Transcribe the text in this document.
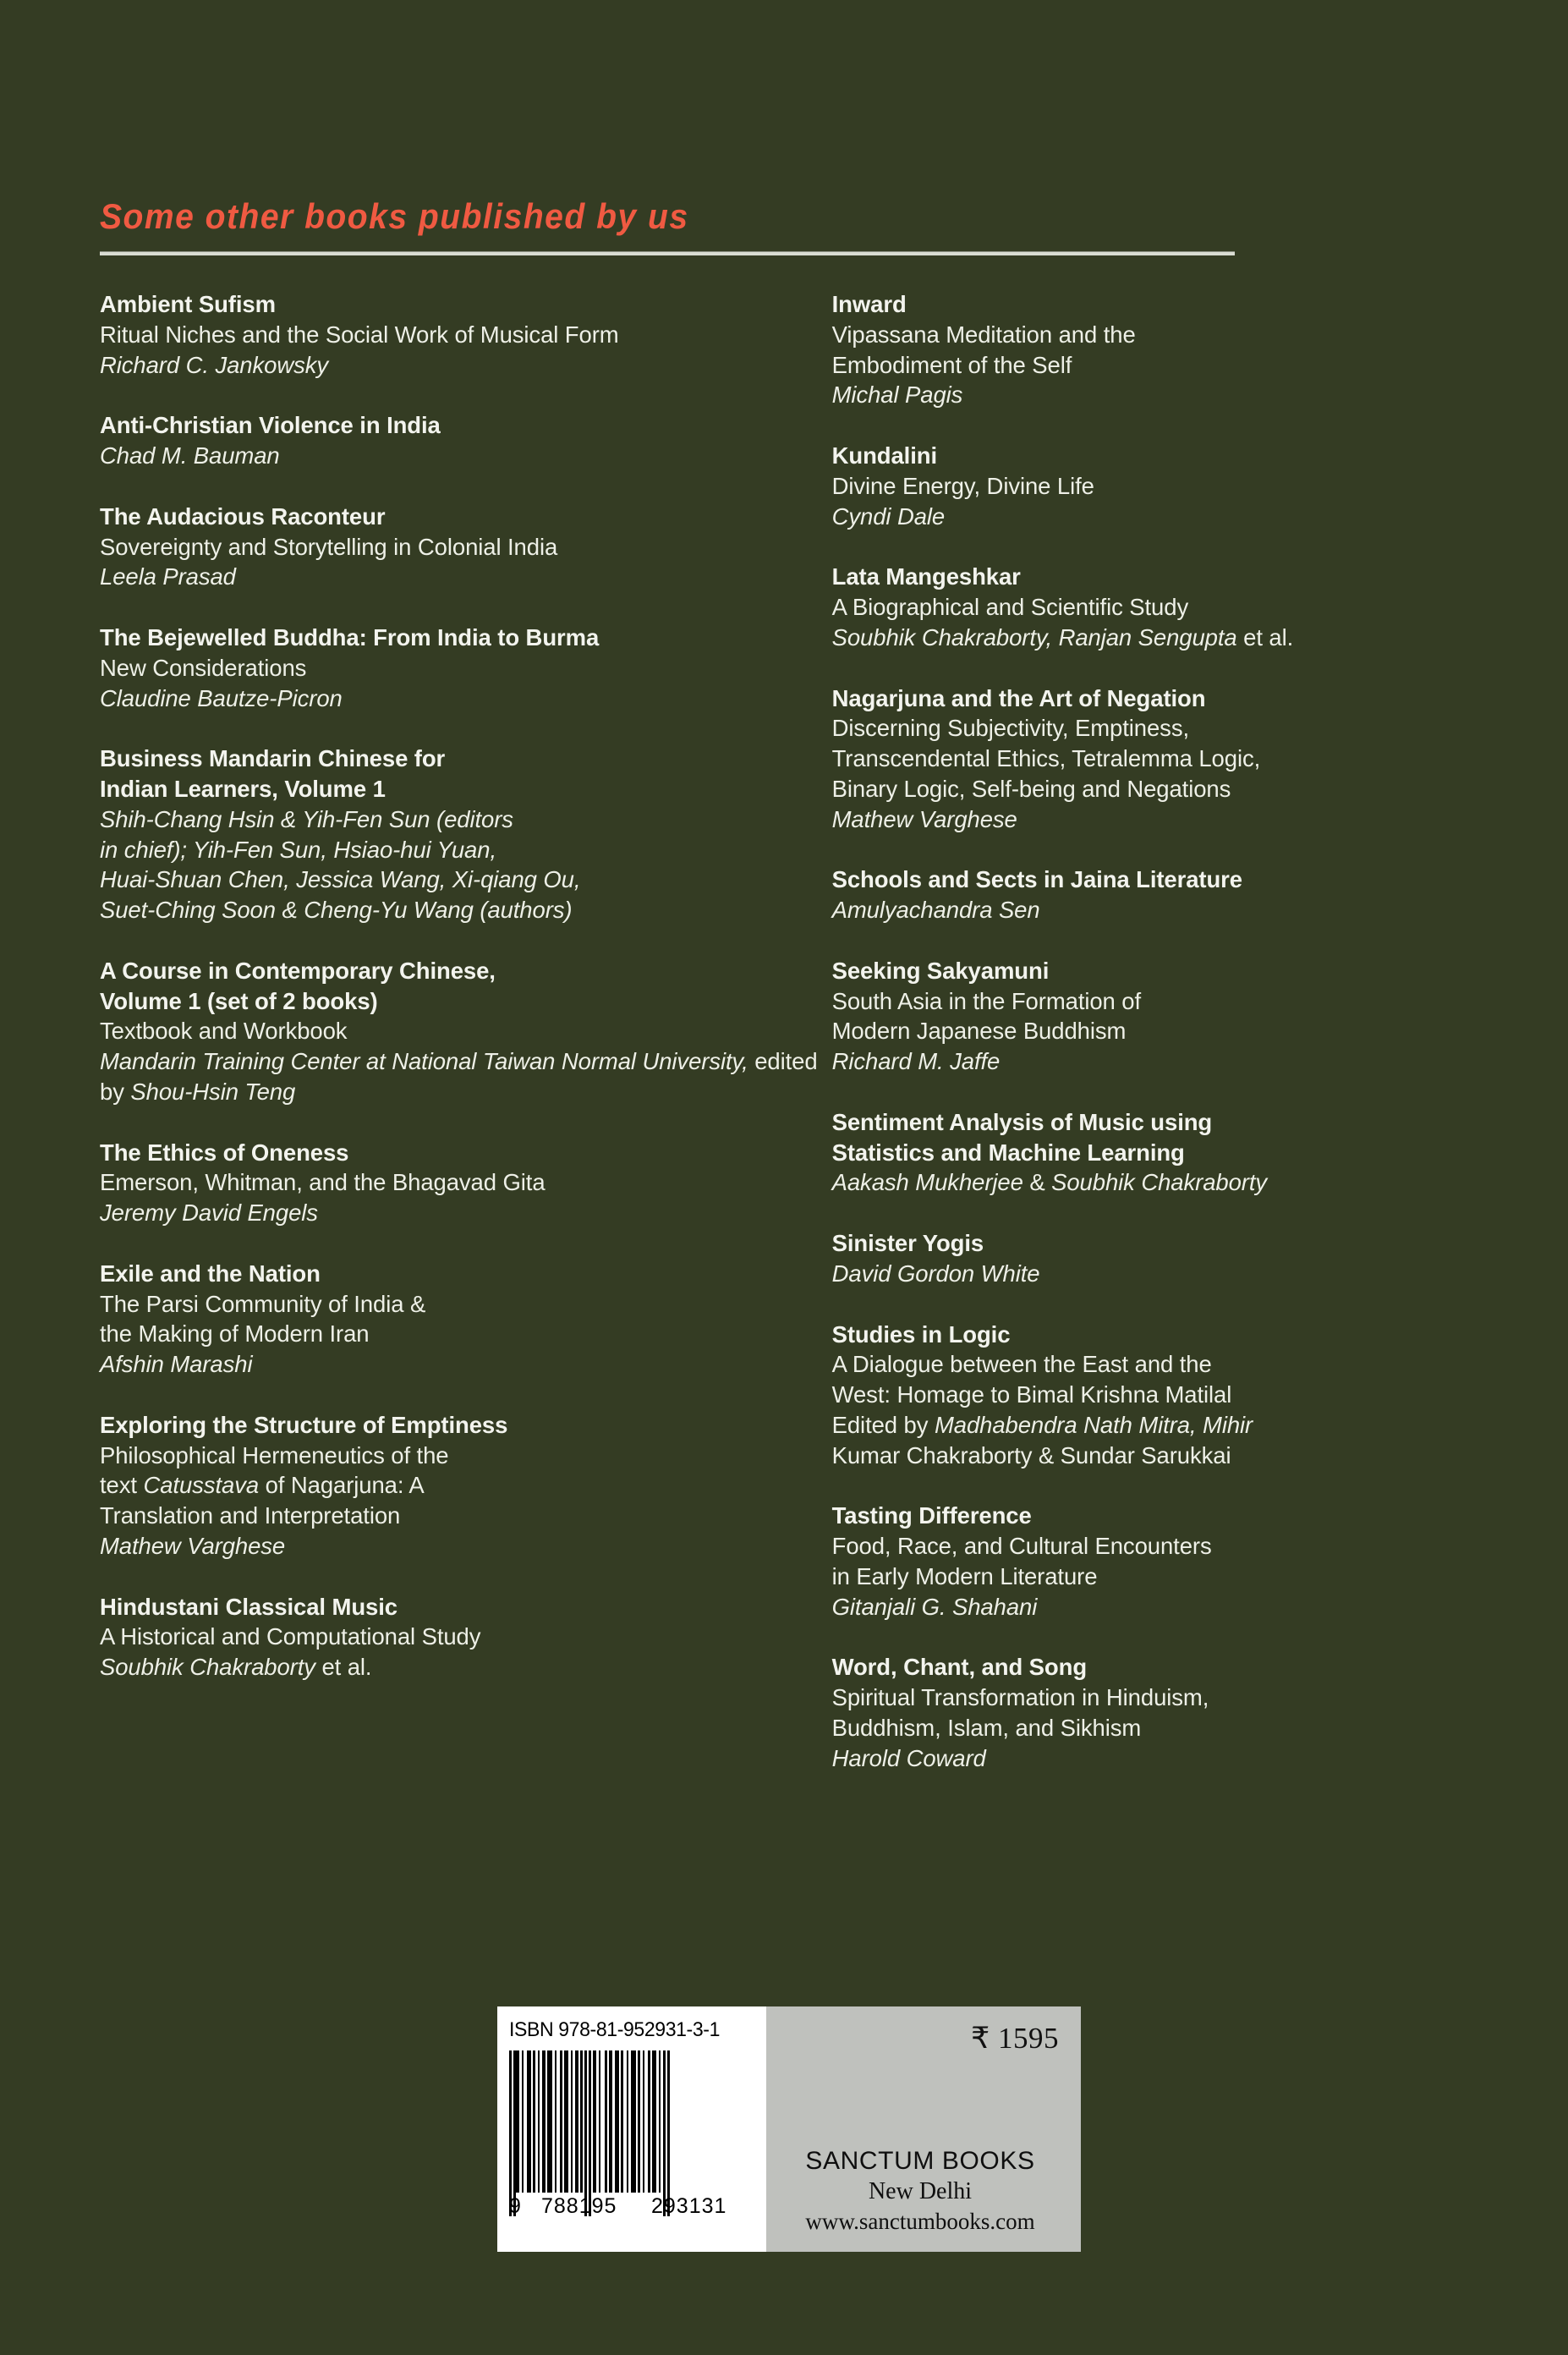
Some other books published by us
Ambient Sufism
Ritual Niches and the Social Work of Musical Form
Richard C. Jankowsky
Anti-Christian Violence in India
Chad M. Bauman
The Audacious Raconteur
Sovereignty and Storytelling in Colonial India
Leela Prasad
The Bejewelled Buddha: From India to Burma
New Considerations
Claudine Bautze-Picron
Business Mandarin Chinese for
Indian Learners, Volume 1
Shih-Chang Hsin & Yih-Fen Sun (editors
in chief); Yih-Fen Sun, Hsiao-hui Yuan,
Huai-Shuan Chen, Jessica Wang, Xi-qiang Ou,
Suet-Ching Soon & Cheng-Yu Wang (authors)
A Course in Contemporary Chinese,
Volume 1 (set of 2 books)
Textbook and Workbook
Mandarin Training Center at National Taiwan Normal University, edited by Shou-Hsin Teng
The Ethics of Oneness
Emerson, Whitman, and the Bhagavad Gita
Jeremy David Engels
Exile and the Nation
The Parsi Community of India &
the Making of Modern Iran
Afshin Marashi
Exploring the Structure of Emptiness
Philosophical Hermeneutics of the
text Catusstava of Nagarjuna: A
Translation and Interpretation
Mathew Varghese
Hindustani Classical Music
A Historical and Computational Study
Soubhik Chakraborty et al.
Inward
Vipassana Meditation and the
Embodiment of the Self
Michal Pagis
Kundalini
Divine Energy, Divine Life
Cyndi Dale
Lata Mangeshkar
A Biographical and Scientific Study
Soubhik Chakraborty, Ranjan Sengupta et al.
Nagarjuna and the Art of Negation
Discerning Subjectivity, Emptiness,
Transcendental Ethics, Tetralemma Logic,
Binary Logic, Self-being and Negations
Mathew Varghese
Schools and Sects in Jaina Literature
Amulyachandra Sen
Seeking Sakyamuni
South Asia in the Formation of
Modern Japanese Buddhism
Richard M. Jaffe
Sentiment Analysis of Music using
Statistics and Machine Learning
Aakash Mukherjee & Soubhik Chakraborty
Sinister Yogis
David Gordon White
Studies in Logic
A Dialogue between the East and the
West: Homage to Bimal Krishna Matilal
Edited by Madhabendra Nath Mitra, Mihir
Kumar Chakraborty & Sundar Sarukkai
Tasting Difference
Food, Race, and Cultural Encounters
in Early Modern Literature
Gitanjali G. Shahani
Word, Chant, and Song
Spiritual Transformation in Hinduism,
Buddhism, Islam, and Sikhism
Harold Coward
ISBN 978-81-952931-3-1
9 788195 293131
₹ 1595
SANCTUM BOOKS
New Delhi
www.sanctumbooks.com
